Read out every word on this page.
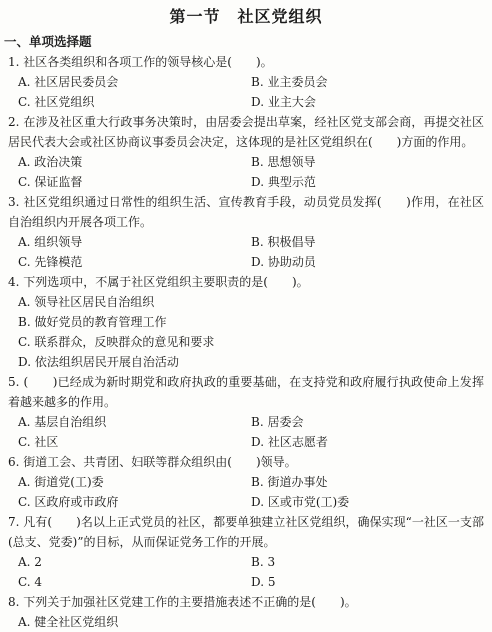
第一节　社区党组织
一、单项选择题

1. 社区各类组织和各项工作的领导核心是(　　)。

A. 社区居民委员会	B. 业主委员会
C. 社区党组织	D. 业主大会

2. 在涉及社区重大行政事务决策时，由居委会提出草案，经社区党支部会商，再提交社区居民代表大会或社区协商议事委员会决定，这体现的是社区党组织在(　　)方面的作用。

A. 政治决策	B. 思想领导
C. 保证监督	D. 典型示范

3. 社区党组织通过日常性的组织生活、宣传教育手段，动员党员发挥(　　)作用，在社区自治组织内开展各项工作。

A. 组织领导	B. 积极倡导
C. 先锋模范	D. 协助动员

4. 下列选项中，不属于社区党组织主要职责的是(　　)。

A. 领导社区居民自治组织
B. 做好党员的教育管理工作
C. 联系群众，反映群众的意见和要求
D. 依法组织居民开展自治活动

5. (　　)已经成为新时期党和政府执政的重要基础，在支持党和政府履行执政使命上发挥着越来越多的作用。

A. 基层自治组织	B. 居委会
C. 社区	D. 社区志愿者

6. 街道工会、共青团、妇联等群众组织由(　　)领导。

A. 街道党(工)委	B. 街道办事处
C. 区政府或市政府	D. 区或市党(工)委

7. 凡有(　　)名以上正式党员的社区，都要单独建立社区党组织，确保实现“一社区一支部(总支、党委)”的目标，从而保证党务工作的开展。

A. 2	B. 3
C. 4	D. 5

8. 下列关于加强社区党建工作的主要措施表述不正确的是(　　)。

A. 健全社区党组织
